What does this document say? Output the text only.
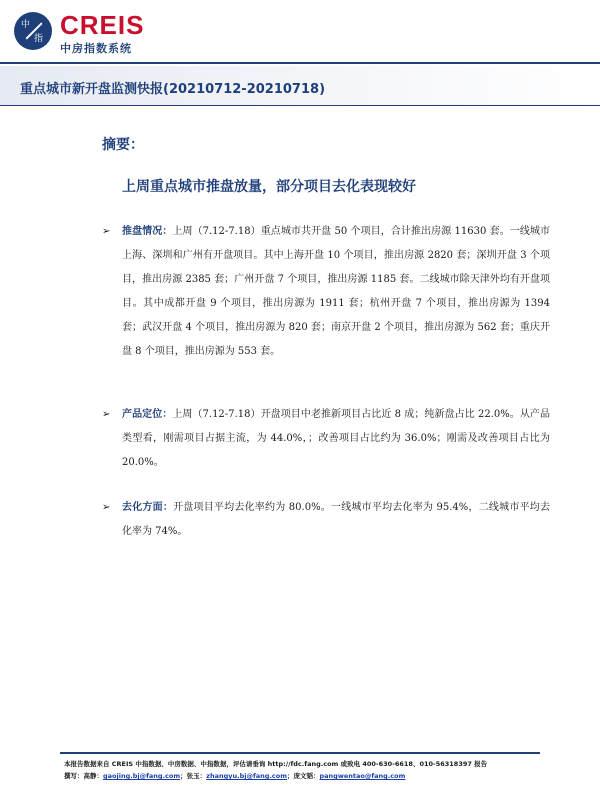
中
指 CREIS
中房指数系统
重点城市新开盘监测快报(20210712-20210718)
摘要：
上周重点城市推盘放量，部分项目去化表现较好
➢ 推盘情况：上周（7.12-7.18）重点城市共开盘 50 个项目，合计推出房源 11630 套。一线城市上海、深圳和广州有开盘项目。其中上海开盘 10 个项目，推出房源 2820 套；深圳开盘 3 个项目，推出房源 2385 套；广州开盘 7 个项目，推出房源 1185 套。二线城市除天津外均有开盘项目。其中成都开盘 9 个项目，推出房源为 1911 套；杭州开盘 7 个项目，推出房源为 1394 套；武汉开盘 4 个项目，推出房源为 820 套；南京开盘 2 个项目，推出房源为 562 套；重庆开盘 8 个项目，推出房源为 553 套。

➢ 产品定位：上周（7.12-7.18）开盘项目中老推新项目占比近 8 成；纯新盘占比 22.0%。从产品类型看，刚需项目占据主流，为 44.0%，；改善项目占比约为 36.0%；刚需及改善项目占比为 20.0%。

➢ 去化方面：开盘项目平均去化率约为 80.0%。一线城市平均去化率为 95.4%，二线城市平均去化率为 74%。

本报告数据来自 CREIS 中指数据、中房数据、中指数据，评估请垂询 http://fdc.fang.com 或致电 400-630-6618、010-56318397 报告
撰写：高静：gaojing.bj@fang.com；张玉：zhangyu.bj@fang.com；庞文韬：pangwentao@fang.com
